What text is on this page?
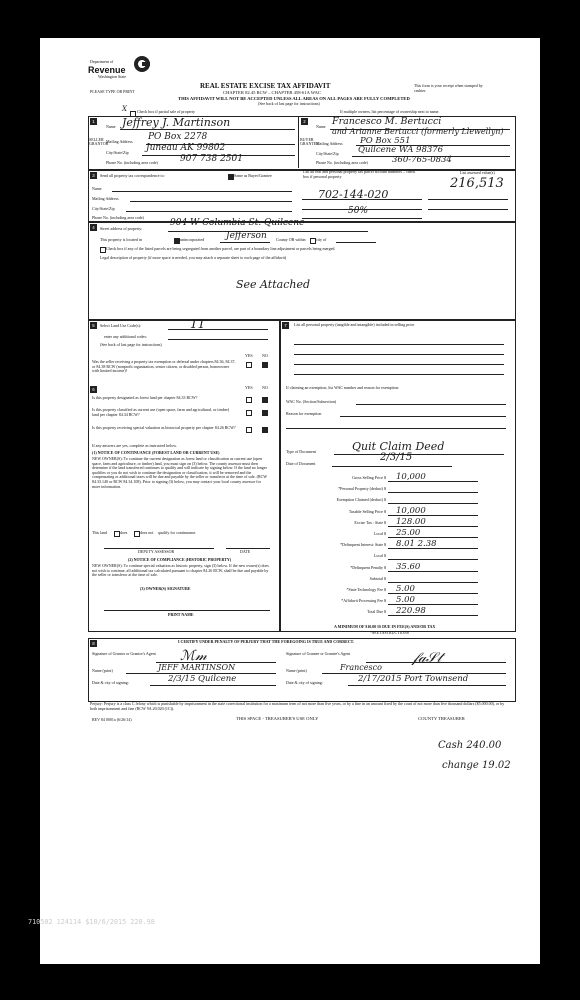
Department of
Revenue
Washington State
PLEASE TYPE OR PRINT
REAL ESTATE EXCISE TAX AFFIDAVIT
CHAPTER 82.45 RCW – CHAPTER 458-61A WAC
THIS AFFIDAVIT WILL NOT BE ACCEPTED UNLESS ALL AREAS ON ALL PAGES ARE FULLY COMPLETED
(See back of last page for instructions)
This form is your receipt when stamped by cashier.
X	Check box if partial sale of property	If multiple owners, list percentage of ownership next to name.
1
SELLER GRANTOR
Name Jeffrey J. Martinson
Mailing Address PO Box 2278
City/State/Zip Juneau AK 99802
Phone No. (including area code) 907 738 2501
2
BUYER GRANTEE
Name Francesco M. Bertucci
and Arianne Bertucci (formerly Llewellyn)
Mailing Address PO Box 551
City/State/Zip Quilcene WA 98376
Phone No. (including area code)	360-765-0834
3	Send all property tax correspondence to:	Same as Buyer/Grantee
Name
Mailing Address
City/State/Zip
Phone No. (including area code)
List all real and personal property tax parcel account numbers – check box if personal property
List assessed value(s)
702-144-020
216,513
50%
4	Street address of property:
904 W Columbia St. Quilcene
This property is located in	unincorporated Jefferson County OR within	city of
Check box if any of the listed parcels are being segregated from another parcel, are part of a boundary line adjustment or parcels being merged.
Legal description of property (if more space is needed, you may attach a separate sheet to each page of the affidavit)
See Attached
5	Select Land Use Code(s):	11
enter any additional codes:
(See back of last page for instructions)
YES NO
Was the seller receiving a property tax exemption or deferral under chapters 84.36, 84.37, or 84.38 RCW (nonprofit organization, senior citizen, or disabled person, homeowner with limited income)?
6	YES NO
Is this property designated as forest land per chapter 84.33 RCW?
Is this property classified as current use (open space, farm and agricultural, or timber) land per chapter 84.34 RCW?
Is this property receiving special valuation as historical property per chapter 84.26 RCW?
If any answers are yes, complete as instructed below.
(1) NOTICE OF CONTINUANCE (FOREST LAND OR CURRENT USE)
NEW OWNER(S): To continue the current designation as forest land or classification as current use (open space, farm and agriculture, or timber) land, you must sign on (3) below. The county assessor must then determine if the land transferred continues to qualify and will indicate by signing below. If the land no longer qualifies or you do not wish to continue the designation or classification, it will be removed and the compensating or additional taxes will be due and payable by the seller or transferor at the time of sale. (RCW 84.33.140 or RCW 84.34.108). Prior to signing (3) below, you may contact your local county assessor for more information.
This land	does	does not qualify for continuance.
DEPUTY ASSESSOR	DATE
(2) NOTICE OF COMPLIANCE (HISTORIC PROPERTY)
NEW OWNER(S): To continue special valuation as historic property, sign (3) below. If the new owner(s) does not wish to continue, all additional tax calculated pursuant to chapter 84.26 RCW, shall be due and payable by the seller or transferor at the time of sale.
(3) OWNER(S) SIGNATURE
PRINT NAME
7	List all personal property (tangible and intangible) included in selling price.
If claiming an exemption, list WAC number and reason for exemption:
WAC No. (Section/Subsection)
Reason for exemption
Type of Document	Quit Claim Deed
Date of Document
2/3/15
Gross Selling Price $ 10,000
*Personal Property (deduct) $
Exemption Claimed (deduct) $
Taxable Selling Price $ 10,000
Excise Tax : State $ 128.00
Local $ 25.00
*Delinquent Interest: State $ 8.01 2.38
Local $
*Delinquent Penalty $ 35.60
Subtotal $
*State Technology Fee $ 5.00
*Affidavit Processing Fee $ 5.00
Total Due $ 220.98
A MINIMUM OF $10.00 IS DUE IN FEE(S) AND/OR TAX
*SEE INSTRUCTIONS
8	I CERTIFY UNDER PENALTY OF PERJURY THAT THE FOREGOING IS TRUE AND CORRECT.
Signature of Grantor or Grantor's Agent ℳ𝓂
Name (print)	JEFF MARTINSON
Date & city of signing:	2/3/15 Quilcene
Signature of Grantee or Grantee's Agent	𝒻𝒶𝒮𝓉
Name (print)	Francesco
Date & city of signing:	2/17/2015 Port Townsend
Perjury: Perjury is a class C felony which is punishable by imprisonment in the state correctional institution for a maximum term of not more than five years, or by a fine in an amount fixed by the court of not more than five thousand dollars ($5,000.00), or by both imprisonment and fine (RCW 9A.20.020 (1C)).
REV 84 0001a (6/26/14)	THIS SPACE - TREASURER'S USE ONLY	COUNTY TREASURER
Cash 240.00
change 19.02
710502 124114 $10/6/2015 220.98
